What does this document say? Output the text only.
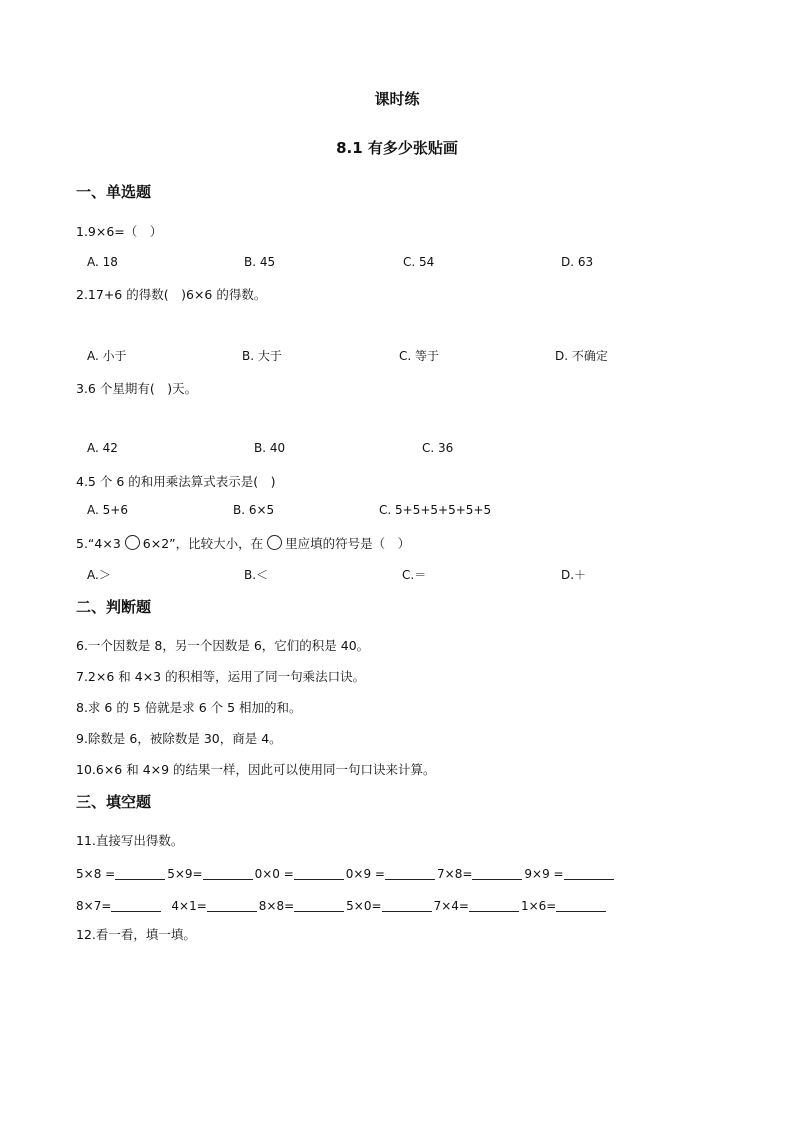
课时练
8.1 有多少张贴画
一、单选题
1.9×6=（　）
A. 18	B. 45	C. 54	D. 63
2.17+6 的得数(　)6×6 的得数。
A. 小于	B. 大于	C. 等于	D. 不确定
3.6 个星期有(　)天。
A. 42	B. 40	C. 36
4.5 个 6 的和用乘法算式表示是(　)
A. 5+6	B. 6×5	C. 5+5+5+5+5+5
5.“4×3 6×2”，比较大小，在 里应填的符号是（　）
A.＞	B.＜	C.＝	D.＋
二、判断题
6.一个因数是 8，另一个因数是 6，它们的积是 40。
7.2×6 和 4×3 的积相等，运用了同一句乘法口诀。
8.求 6 的 5 倍就是求 6 个 5 相加的和。
9.除数是 6，被除数是 30，商是 4。
10.6×6 和 4×9 的结果一样，因此可以使用同一句口诀来计算。
三、填空题
11.直接写出得数。
5×8 =	5×9=	0×0 =	0×9 =	7×8=	9×9 =
8×7=	4×1=	8×8=	5×0=	7×4=	1×6=
12.看一看，填一填。
